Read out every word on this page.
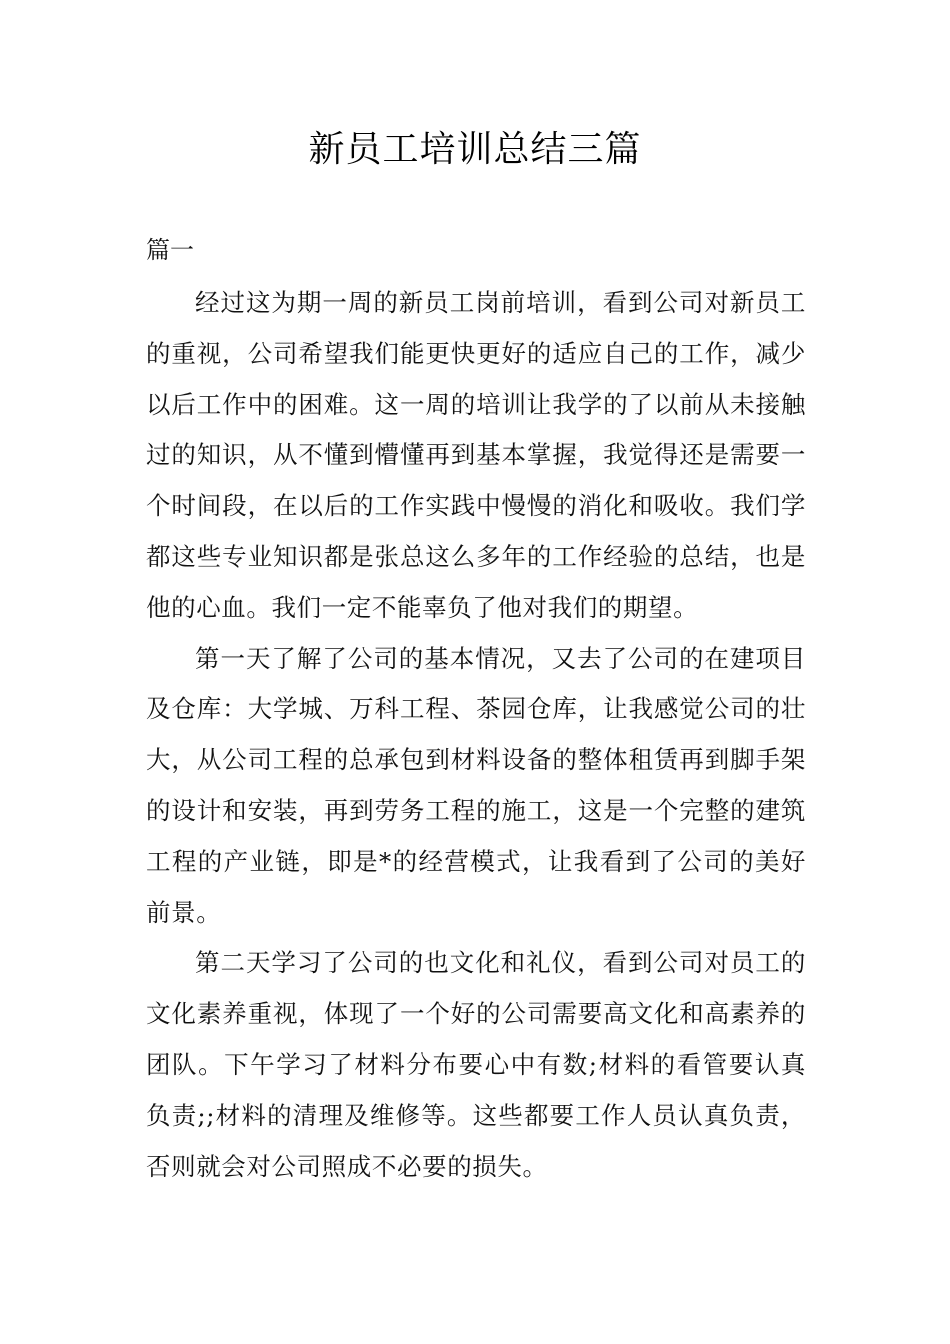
新员工培训总结三篇

篇一

经过这为期一周的新员工岗前培训，看到公司对新员工的重视，公司希望我们能更快更好的适应自己的工作，减少以后工作中的困难。这一周的培训让我学的了以前从未接触过的知识，从不懂到懵懂再到基本掌握，我觉得还是需要一个时间段，在以后的工作实践中慢慢的消化和吸收。我们学都这些专业知识都是张总这么多年的工作经验的总结，也是他的心血。我们一定不能辜负了他对我们的期望。

第一天了解了公司的基本情况，又去了公司的在建项目及仓库：大学城、万科工程、茶园仓库，让我感觉公司的壮大，从公司工程的总承包到材料设备的整体租赁再到脚手架的设计和安装，再到劳务工程的施工，这是一个完整的建筑工程的产业链，即是*的经营模式，让我看到了公司的美好前景。

第二天学习了公司的也文化和礼仪，看到公司对员工的文化素养重视，体现了一个好的公司需要高文化和高素养的团队。下午学习了材料分布要心中有数;材料的看管要认真负责;;材料的清理及维修等。这些都要工作人员认真负责，否则就会对公司照成不必要的损失。
